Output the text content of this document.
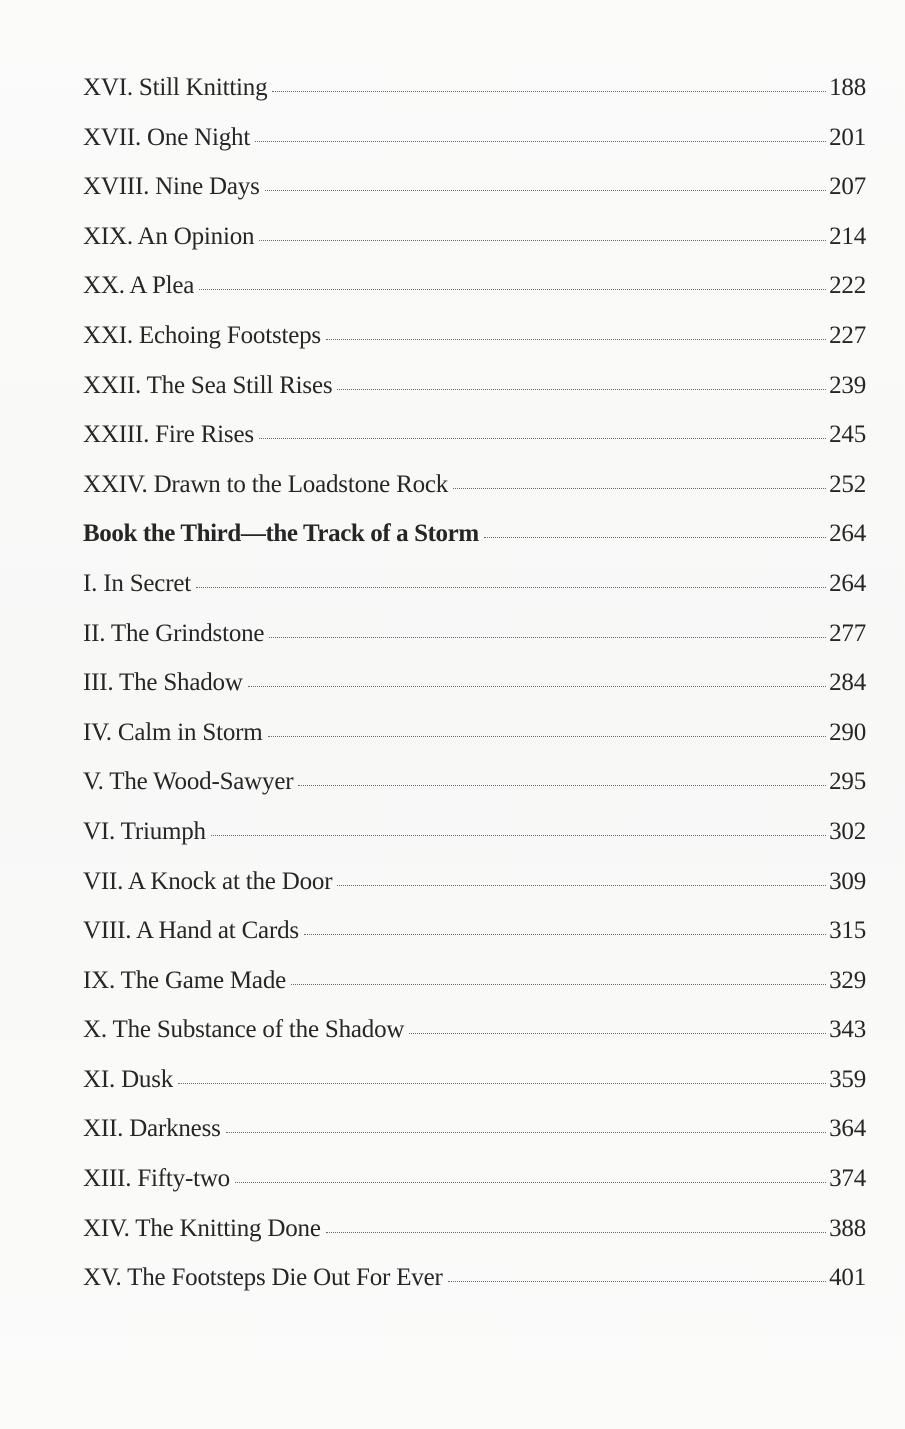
XVI. Still Knitting	188
XVII. One Night	201
XVIII. Nine Days	207
XIX. An Opinion	214
XX. A Plea	222
XXI. Echoing Footsteps	227
XXII. The Sea Still Rises	239
XXIII. Fire Rises	245
XXIV. Drawn to the Loadstone Rock	252
Book the Third—the Track of a Storm	264
I. In Secret	264
II. The Grindstone	277
III. The Shadow	284
IV. Calm in Storm	290
V. The Wood-Sawyer	295
VI. Triumph	302
VII. A Knock at the Door	309
VIII. A Hand at Cards	315
IX. The Game Made	329
X. The Substance of the Shadow	343
XI. Dusk	359
XII. Darkness	364
XIII. Fifty-two	374
XIV. The Knitting Done	388
XV. The Footsteps Die Out For Ever	401
